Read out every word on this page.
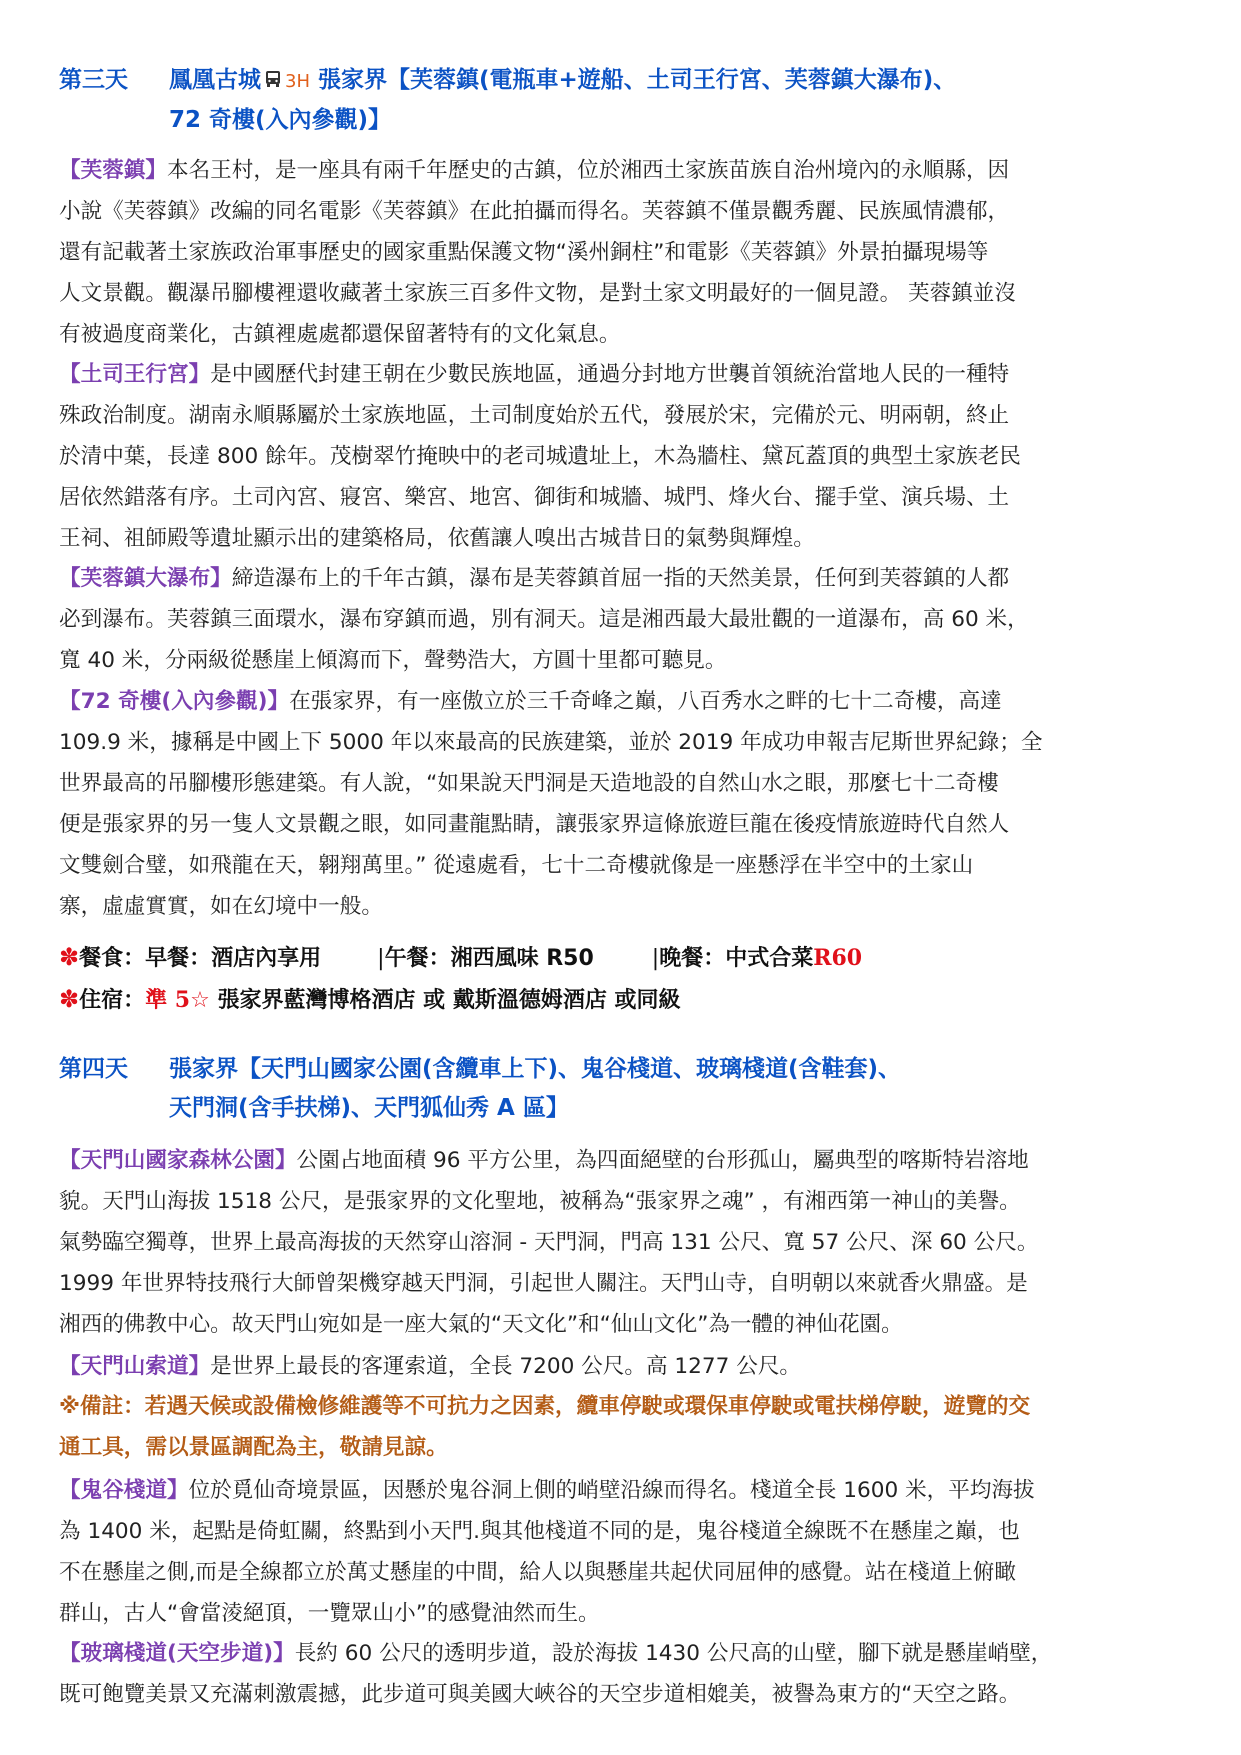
第三天 鳳凰古城 3H 張家界【芙蓉鎮(電瓶車+遊船、土司王行宮、芙蓉鎮大瀑布)、
72 奇樓(入內參觀)】
【芙蓉鎮】本名王村，是一座具有兩千年歷史的古鎮，位於湘西土家族苗族自治州境內的永順縣，因
小說《芙蓉鎮》改編的同名電影《芙蓉鎮》在此拍攝而得名。芙蓉鎮不僅景觀秀麗、民族風情濃郁，
還有記載著土家族政治軍事歷史的國家重點保護文物“溪州銅柱”和電影《芙蓉鎮》外景拍攝現場等
人文景觀。觀瀑吊腳樓裡還收藏著土家族三百多件文物，是對土家文明最好的一個見證。 芙蓉鎮並沒
有被過度商業化，古鎮裡處處都還保留著特有的文化氣息。
【土司王行宮】是中國歷代封建王朝在少數民族地區，通過分封地方世襲首領統治當地人民的一種特
殊政治制度。湖南永順縣屬於土家族地區，土司制度始於五代，發展於宋，完備於元、明兩朝，終止
於清中葉，長達 800 餘年。茂樹翠竹掩映中的老司城遺址上，木為牆柱、黛瓦蓋頂的典型土家族老民
居依然錯落有序。土司內宮、寢宮、樂宮、地宮、御街和城牆、城門、烽火台、擺手堂、演兵場、土
王祠、祖師殿等遺址顯示出的建築格局，依舊讓人嗅出古城昔日的氣勢與輝煌。
【芙蓉鎮大瀑布】締造瀑布上的千年古鎮，瀑布是芙蓉鎮首屈一指的天然美景，任何到芙蓉鎮的人都
必到瀑布。芙蓉鎮三面環水，瀑布穿鎮而過，別有洞天。這是湘西最大最壯觀的一道瀑布，高 60 米，
寬 40 米，分兩級從懸崖上傾瀉而下，聲勢浩大，方圓十里都可聽見。
【72 奇樓(入內參觀)】在張家界，有一座傲立於三千奇峰之巔，八百秀水之畔的七十二奇樓，高達
109.9 米，據稱是中國上下 5000 年以來最高的民族建築，並於 2019 年成功申報吉尼斯世界紀錄；全
世界最高的吊腳樓形態建築。有人說，“如果說天門洞是天造地設的自然山水之眼，那麼七十二奇樓
便是張家界的另一隻人文景觀之眼，如同畫龍點睛，讓張家界這條旅遊巨龍在後疫情旅遊時代自然人
文雙劍合璧，如飛龍在天，翱翔萬里。” 從遠處看，七十二奇樓就像是一座懸浮在半空中的土家山
寨，虛虛實實，如在幻境中一般。
✽餐食：早餐：酒店內享用	|午餐：湘西風味 R50	|晚餐：中式合菜R60
✽住宿：準 5☆ 張家界藍灣博格酒店 或 戴斯溫德姆酒店 或同級
第四天 張家界【天門山國家公園(含纜車上下)、鬼谷棧道、玻璃棧道(含鞋套)、
天門洞(含手扶梯)、天門狐仙秀 A 區】
【天門山國家森林公園】公園占地面積 96 平方公里，為四面絕壁的台形孤山，屬典型的喀斯特岩溶地
貌。天門山海拔 1518 公尺，是張家界的文化聖地，被稱為“張家界之魂” ，有湘西第一神山的美譽。
氣勢臨空獨尊，世界上最高海拔的天然穿山溶洞 - 天門洞，門高 131 公尺、寬 57 公尺、深 60 公尺。
1999 年世界特技飛行大師曾架機穿越天門洞，引起世人關注。天門山寺，自明朝以來就香火鼎盛。是
湘西的佛教中心。故天門山宛如是一座大氣的“天文化”和“仙山文化”為一體的神仙花園。
【天門山索道】是世界上最長的客運索道，全長 7200 公尺。高 1277 公尺。
※備註：若遇天候或設備檢修維護等不可抗力之因素，纜車停駛或環保車停駛或電扶梯停駛，遊覽的交
通工具，需以景區調配為主，敬請見諒。
【鬼谷棧道】位於覓仙奇境景區，因懸於鬼谷洞上側的峭壁沿線而得名。棧道全長 1600 米，平均海拔
為 1400 米，起點是倚虹關，終點到小天門.與其他棧道不同的是，鬼谷棧道全線既不在懸崖之巔，也
不在懸崖之側,而是全線都立於萬丈懸崖的中間，給人以與懸崖共起伏同屈伸的感覺。站在棧道上俯瞰
群山，古人“會當淩絕頂，一覽眾山小”的感覺油然而生。
【玻璃棧道(天空步道)】長約 60 公尺的透明步道，設於海拔 1430 公尺高的山壁，腳下就是懸崖峭壁，
既可飽覽美景又充滿刺激震撼，此步道可與美國大峽谷的天空步道相媲美，被譽為東方的“天空之路。
